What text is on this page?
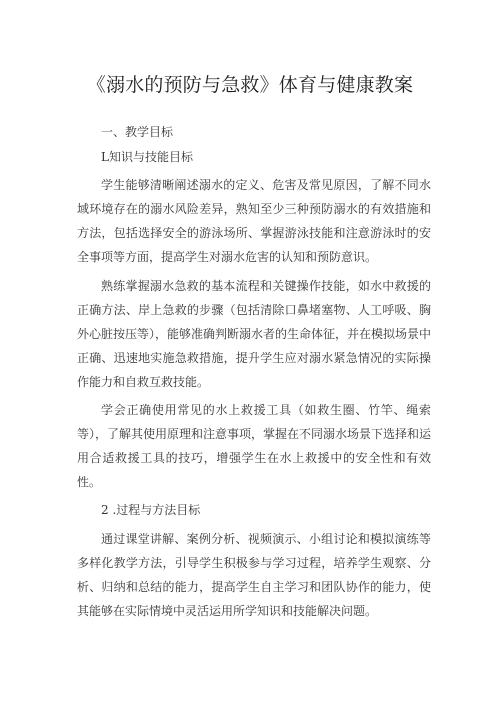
《溺水的预防与急救》体育与健康教案

一、教学目标

L知识与技能目标

学生能够清晰阐述溺水的定义、危害及常见原因，了解不同水域环境存在的溺水风险差异，熟知至少三种预防溺水的有效措施和方法，包括选择安全的游泳场所、掌握游泳技能和注意游泳时的安全事项等方面，提高学生对溺水危害的认知和预防意识。

熟练掌握溺水急救的基本流程和关键操作技能，如水中救援的正确方法、岸上急救的步骤（包括清除口鼻堵塞物、人工呼吸、胸外心脏按压等），能够准确判断溺水者的生命体征，并在模拟场景中正确、迅速地实施急救措施，提升学生应对溺水紧急情况的实际操作能力和自救互救技能。

学会正确使用常见的水上救援工具（如救生圈、竹竿、绳索等），了解其使用原理和注意事项，掌握在不同溺水场景下选择和运用合适救援工具的技巧，增强学生在水上救援中的安全性和有效性。

2 .过程与方法目标

通过课堂讲解、案例分析、视频演示、小组讨论和模拟演练等多样化教学方法，引导学生积极参与学习过程，培养学生观察、分析、归纳和总结的能力，提高学生自主学习和团队协作的能力，使其能够在实际情境中灵活运用所学知识和技能解决问题。
